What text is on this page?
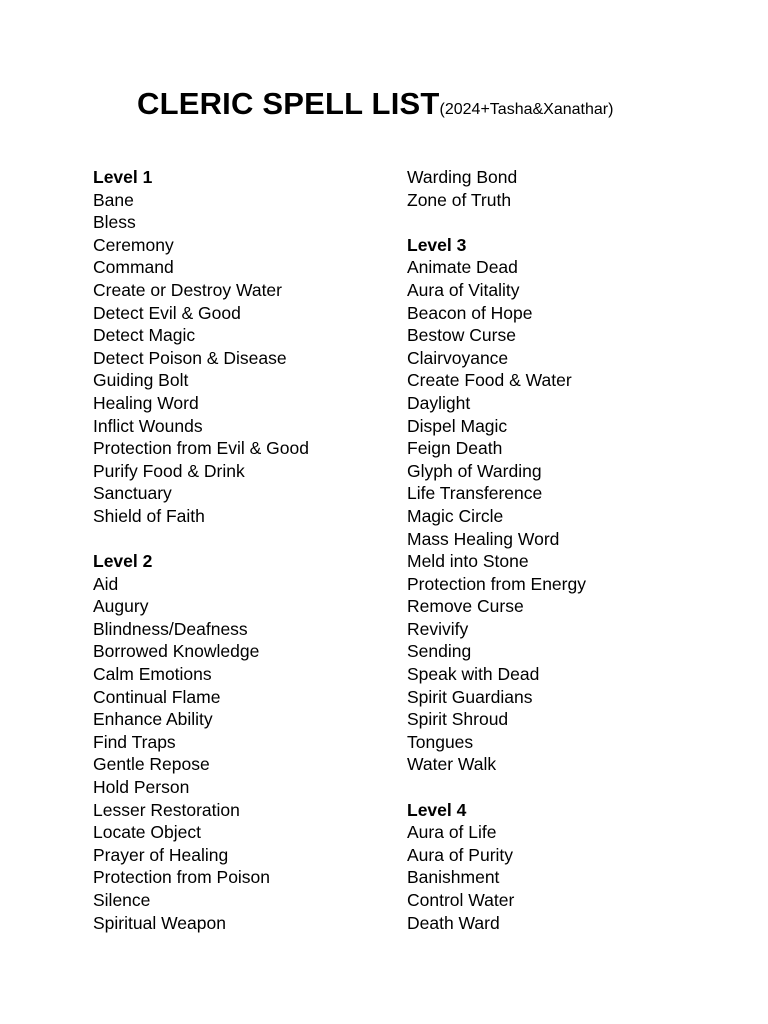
CLERIC SPELL LIST(2024+Tasha&Xanathar)
Level 1
Bane
Bless
Ceremony
Command
Create or Destroy Water
Detect Evil & Good
Detect Magic
Detect Poison & Disease
Guiding Bolt
Healing Word
Inflict Wounds
Protection from Evil & Good
Purify Food & Drink
Sanctuary
Shield of Faith
Level 2
Aid
Augury
Blindness/Deafness
Borrowed Knowledge
Calm Emotions
Continual Flame
Enhance Ability
Find Traps
Gentle Repose
Hold Person
Lesser Restoration
Locate Object
Prayer of Healing
Protection from Poison
Silence
Spiritual Weapon
Warding Bond
Zone of Truth
Level 3
Animate Dead
Aura of Vitality
Beacon of Hope
Bestow Curse
Clairvoyance
Create Food & Water
Daylight
Dispel Magic
Feign Death
Glyph of Warding
Life Transference
Magic Circle
Mass Healing Word
Meld into Stone
Protection from Energy
Remove Curse
Revivify
Sending
Speak with Dead
Spirit Guardians
Spirit Shroud
Tongues
Water Walk
Level 4
Aura of Life
Aura of Purity
Banishment
Control Water
Death Ward
